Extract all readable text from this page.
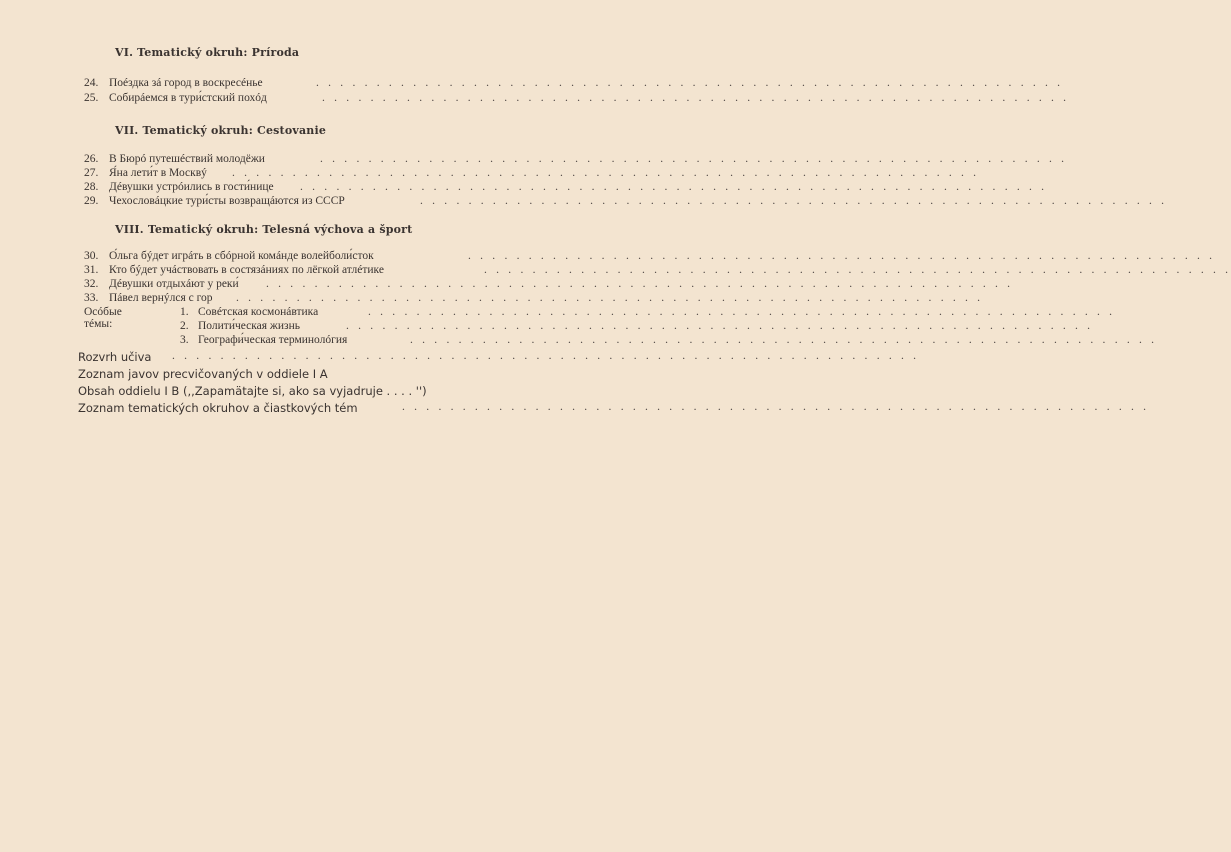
VI. Tematický okruh: Príroda
24. Поéздка зá город в воскресéнье	. . . . . . . . . . . . . . . . . . . . . . . . . . . . . . . . . . . . . . . . . . . . . . . . . . . . . . . . . . . . . .
25. Собирáемся в тури́стский похóд	. . . . . . . . . . . . . . . . . . . . . . . . . . . . . . . . . . . . . . . . . . . . . . . . . . . . . . . . . . . . . .
VII. Tematický okruh: Cestovanie
26. В Бюрó путешéствий молодёжи	. . . . . . . . . . . . . . . . . . . . . . . . . . . . . . . . . . . . . . . . . . . . . . . . . . . . . . . . . . . . . .
27. Я́на лети́т в Москвý . . . . . . . . . . . . . . . . . . . . . . . . . . . . . . . . . . . . . . . . . . . . . . . . . . . . . . . . . . . . . .
28. Дéвушки устрóились в гости́нице . . . . . . . . . . . . . . . . . . . . . . . . . . . . . . . . . . . . . . . . . . . . . . . . . . . . . . . . . . . . . .
29. Чехословáцкие тури́сты возвращáются из СССР	. . . . . . . . . . . . . . . . . . . . . . . . . . . . . . . . . . . . . . . . . . . . . . . . . . . . . . . . . . . . . .
VIII. Tematický okruh: Telesná výchova a šport
30. О́льга бýдет игрáть в сбóрной комáнде волейболи́сток	. . . . . . . . . . . . . . . . . . . . . . . . . . . . . . . . . . . . . . . . . . . . . . . . . . . . . . . . . . . . . .
31. Кто бýдет учáствовать в состязáниях по лёгкой атлéтике	. . . . . . . . . . . . . . . . . . . . . . . . . . . . . . . . . . . . . . . . . . . . . . . . . . . . . . . . . . . . . .
32. Дéвушки отдыхáют у реки́ . . . . . . . . . . . . . . . . . . . . . . . . . . . . . . . . . . . . . . . . . . . . . . . . . . . . . . . . . . . . . .
33. Пáвел вернýлся с гор . . . . . . . . . . . . . . . . . . . . . . . . . . . . . . . . . . . . . . . . . . . . . . . . . . . . . . . . . . . . . .
Осóбые тéмы:
1. Совéтская космонáвтика	. . . . . . . . . . . . . . . . . . . . . . . . . . . . . . . . . . . . . . . . . . . . . . . . . . . . . . . . . . . . . .
2. Полити́ческая жизнь	. . . . . . . . . . . . . . . . . . . . . . . . . . . . . . . . . . . . . . . . . . . . . . . . . . . . . . . . . . . . . .
3. Географи́ческая терминолóгия	. . . . . . . . . . . . . . . . . . . . . . . . . . . . . . . . . . . . . . . . . . . . . . . . . . . . . . . . . . . . . .
Rozvrh učiva . . . . . . . . . . . . . . . . . . . . . . . . . . . . . . . . . . . . . . . . . . . . . . . . . . . . . . . . . . . . . .
Zoznam javov precvičovaných v oddiele I A
Obsah oddielu I B (,,Zapamätajte si, ako sa vyjadruje . . . . '')
Zoznam tematických okruhov a čiastkových tém	. . . . . . . . . . . . . . . . . . . . . . . . . . . . . . . . . . . . . . . . . . . . . . . . . . . . . . . . . . . . . .
